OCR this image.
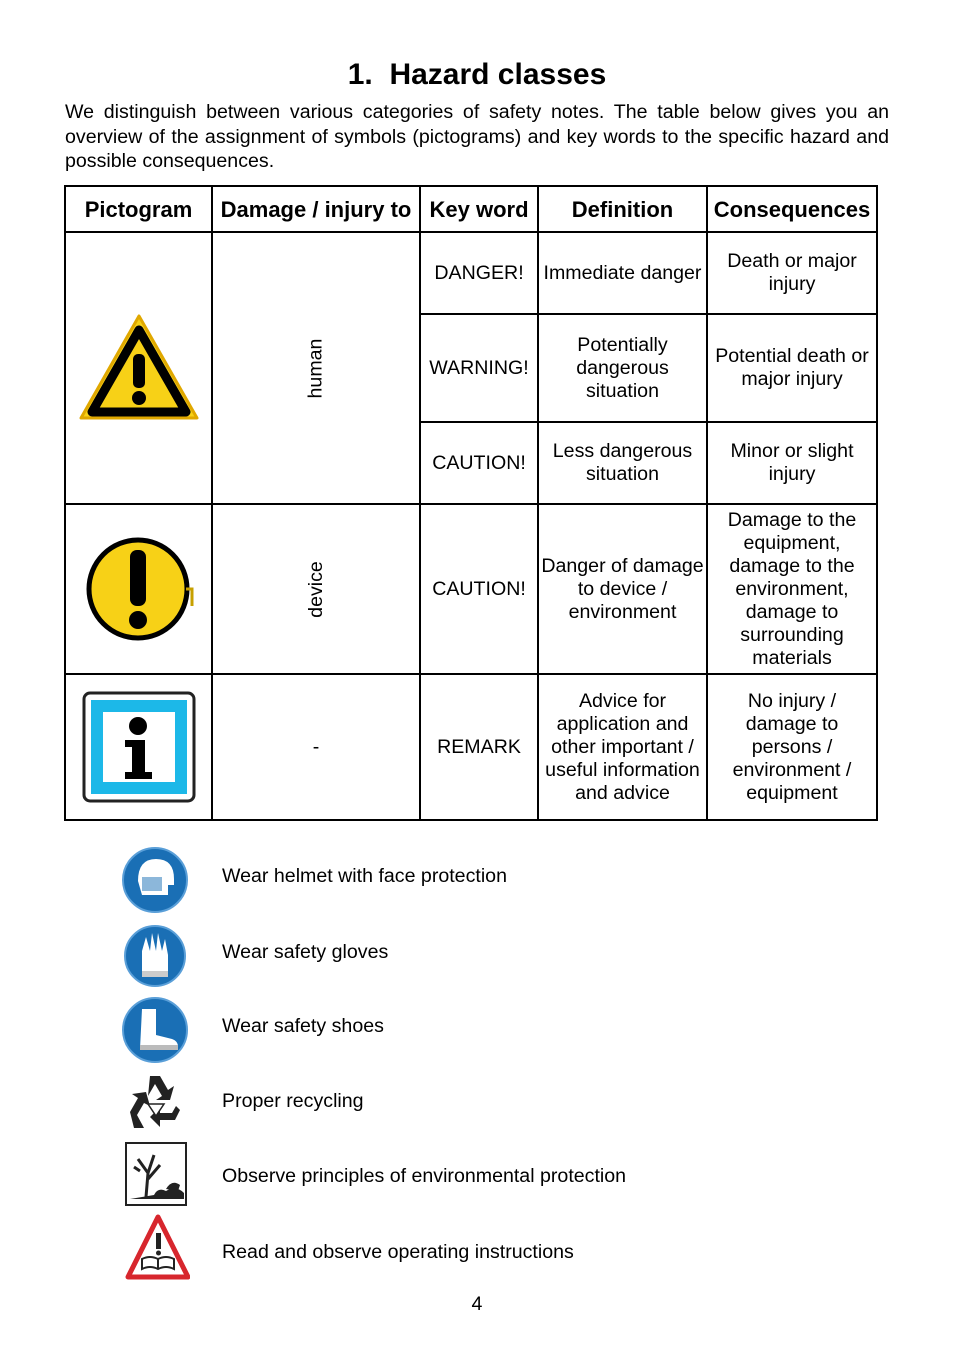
1. Hazard classes

We distinguish between various categories of safety notes. The table below gives you an overview of the assignment of symbols (pictograms) and key words to the specific hazard and possible consequences.

Pictogram	Damage / injury to	Key word	Definition	Consequences

	human	DANGER!	Immediate danger	Death or major injury
		WARNING!	Potentially dangerous situation	Potential death or major injury
		CAUTION!	Less dangerous situation	Minor or slight injury

	device	CAUTION!	Danger of damage to device / environment	Damage to the equipment, damage to the environment, damage to surrounding materials

	-	REMARK	Advice for application and other important / useful information and advice	No injury / damage to persons / environment / equipment
Wear helmet with face protection
Wear safety gloves
Wear safety shoes
Proper recycling
Observe principles of environmental protection
Read and observe operating instructions
4
